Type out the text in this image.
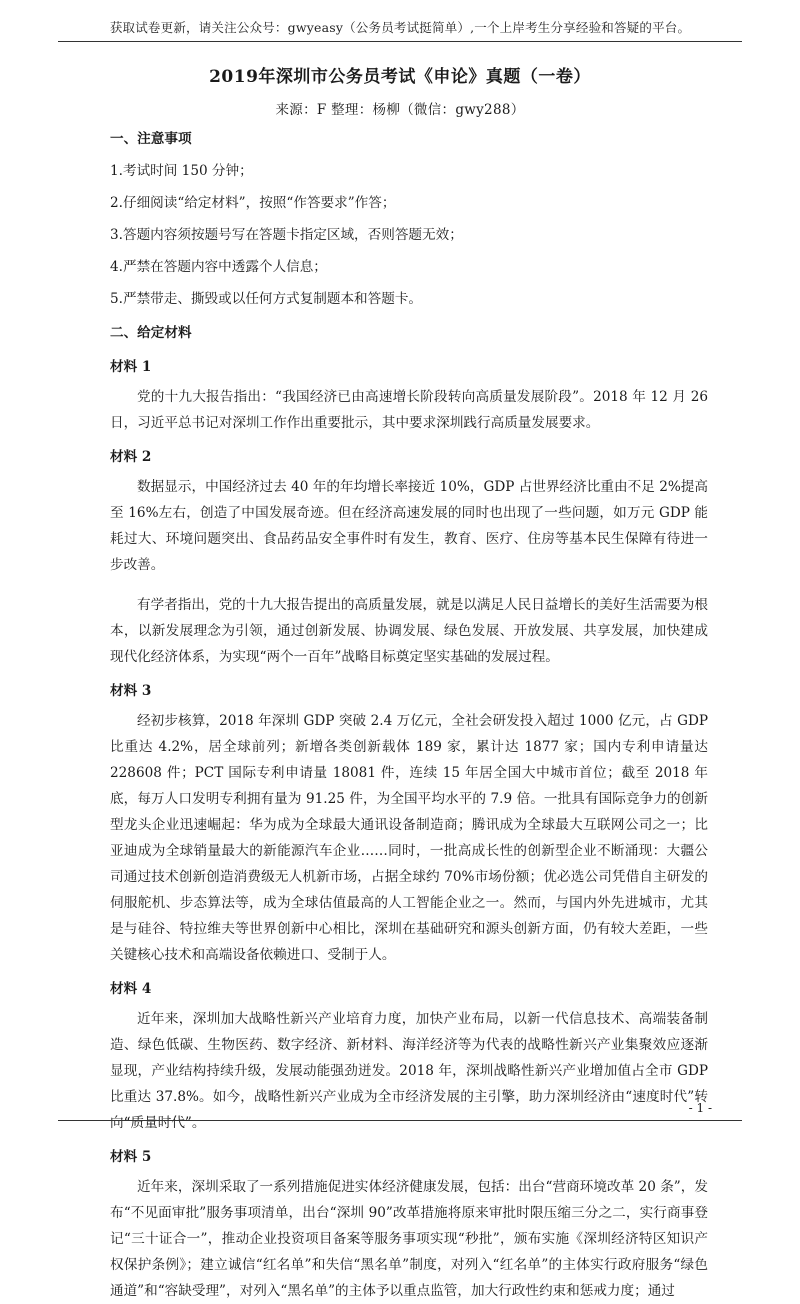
获取试卷更新，请关注公众号：gwyeasy（公务员考试挺简单）,一个上岸考生分享经验和答疑的平台。
2019年深圳市公务员考试《申论》真题（一卷）
来源：F 整理：杨柳（微信：gwy288）
一、注意事项
1.考试时间 150 分钟；
2.仔细阅读“给定材料”，按照“作答要求”作答；
3.答题内容须按题号写在答题卡指定区域，否则答题无效；
4.严禁在答题内容中透露个人信息；
5.严禁带走、撕毁或以任何方式复制题本和答题卡。
二、给定材料
材料 1

党的十九大报告指出：“我国经济已由高速增长阶段转向高质量发展阶段”。2018 年 12 月 26 日，习近平总书记对深圳工作作出重要批示，其中要求深圳践行高质量发展要求。

材料 2

数据显示，中国经济过去 40 年的年均增长率接近 10%，GDP 占世界经济比重由不足 2%提高至 16%左右，创造了中国发展奇迹。但在经济高速发展的同时也出现了一些问题，如万元 GDP 能耗过大、环境问题突出、食品药品安全事件时有发生，教育、医疗、住房等基本民生保障有待进一步改善。

有学者指出，党的十九大报告提出的高质量发展，就是以满足人民日益增长的美好生活需要为根本，以新发展理念为引领，通过创新发展、协调发展、绿色发展、开放发展、共享发展，加快建成现代化经济体系，为实现“两个一百年”战略目标奠定坚实基础的发展过程。

材料 3

经初步核算，2018 年深圳 GDP 突破 2.4 万亿元，全社会研发投入超过 1000 亿元，占 GDP 比重达 4.2%，居全球前列；新增各类创新载体 189 家，累计达 1877 家；国内专利申请量达 228608 件；PCT 国际专利申请量 18081 件，连续 15 年居全国大中城市首位；截至 2018 年底，每万人口发明专利拥有量为 91.25 件，为全国平均水平的 7.9 倍。一批具有国际竞争力的创新型龙头企业迅速崛起：华为成为全球最大通讯设备制造商；腾讯成为全球最大互联网公司之一；比亚迪成为全球销量最大的新能源汽车企业……同时，一批高成长性的创新型企业不断涌现：大疆公司通过技术创新创造消费级无人机新市场，占据全球约 70%市场份额；优必选公司凭借自主研发的伺服舵机、步态算法等，成为全球估值最高的人工智能企业之一。然而，与国内外先进城市，尤其是与硅谷、特拉维夫等世界创新中心相比，深圳在基础研究和源头创新方面，仍有较大差距，一些关键核心技术和高端设备依赖进口、受制于人。

材料 4

近年来，深圳加大战略性新兴产业培育力度，加快产业布局，以新一代信息技术、高端装备制造、绿色低碳、生物医药、数字经济、新材料、海洋经济等为代表的战略性新兴产业集聚效应逐渐显现，产业结构持续升级，发展动能强劲迸发。2018 年，深圳战略性新兴产业增加值占全市 GDP 比重达 37.8%。如今，战略性新兴产业成为全市经济发展的主引擎，助力深圳经济由“速度时代”转向“质量时代”。

材料 5

近年来，深圳采取了一系列措施促进实体经济健康发展，包括：出台“营商环境改革 20 条”，发布“不见面审批”服务事项清单，出台“深圳 90”改革措施将原来审批时限压缩三分之二，实行商事登记“三十证合一”，推动企业投资项目备案等服务事项实现“秒批”，颁布实施《深圳经济特区知识产权保护条例》；建立诚信“红名单”和失信“黑名单”制度，对列入“红名单”的主体实行政府服务“绿色通道”和“容缺受理”，对列入“黑名单”的主体予以重点监管，加大行政性约束和惩戒力度；通过

- 1 -
